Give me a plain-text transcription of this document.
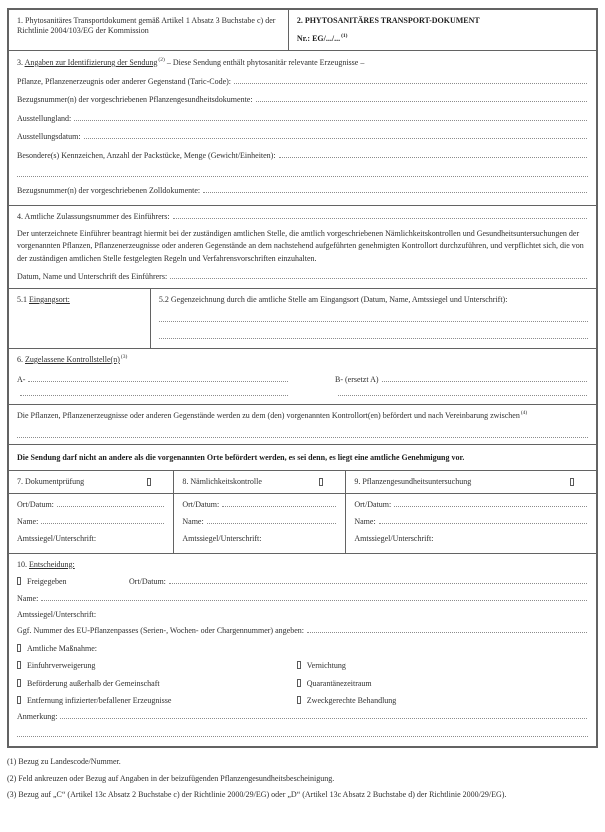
1. Phytosanitäres Transportdokument gemäß Artikel 1 Absatz 3 Buchstabe c) der Richtlinie 2004/103/EG der Kommission
2. PHYTOSANITÄRES TRANSPORT-DOKUMENT
Nr.: EG/.../...$^{(1)}$
3. Angaben zur Identifizierung der Sendung$^{(2)}$ – Diese Sendung enthält phytosanitär relevante Erzeugnisse –
Pflanze, Pflanzenerzeugnis oder anderer Gegenstand (Taric-Code):
Bezugsnummer(n) der vorgeschriebenen Pflanzengesundheitsdokumente:
Ausstellungland:
Ausstellungsdatum:
Besondere(s) Kennzeichen, Anzahl der Packstücke, Menge (Gewicht/Einheiten):
Bezugsnummer(n) der vorgeschriebenen Zolldokumente:
4. Amtliche Zulassungsnummer des Einführers:
Der unterzeichnete Einführer beantragt hiermit bei der zuständigen amtlichen Stelle, die amtlich vorgeschriebenen Nämlichkeitskontrollen und Gesundheitsuntersuchungen der vorgenannten Pflanzen, Pflanzenerzeugnisse oder anderen Gegenstände an dem nachstehend aufgeführten genehmigten Kontrollort durchzuführen, und verpflichtet sich, die von der zuständigen amtlichen Stelle festgelegten Regeln und Verfahrensvorschriften einzuhalten.
Datum, Name und Unterschrift des Einführers:
5.1 Eingangsort:	5.2 Gegenzeichnung durch die amtliche Stelle am Eingangsort (Datum, Name, Amtssiegel und Unterschrift):
6. Zugelassene $Kontrollstelle(n)^{(3)}$
A-	B- (ersetzt A)
Die Pflanzen, Pflanzenerzeugnisse oder anderen Gegenstände werden zu dem (den) vorgenannten Kontrollort(en) befördert und nach Vereinbarung zwischen$^{(4)}$
Die Sendung darf nicht an andere als die vorgenannten Orte befördert werden, es sei denn, es liegt eine amtliche Genehmigung vor.
7. Dokumentprüfung	8. Nämlichkeitskontrolle	9. Pflanzengesundheitsuntersuchung
Ort/Datum:
Name:
Amtssiegel/Unterschrift:
Ort/Datum:
Name:
Amtssiegel/Unterschrift:
Ort/Datum:
Name:
Amtssiegel/Unterschrift:
10. Entscheidung:
Freigegeben	Ort/Datum:
Name:
Amtssiegel/Unterschrift:
Ggf. Nummer des EU-Pflanzenpasses (Serien-, Wochen- oder Chargennummer) angeben:
Amtliche Maßnahme:
Einfuhrverweigerung	Vernichtung
Beförderung außerhalb der Gemeinschaft	Quarantänezeitraum
Entfernung infizierter/befallener Erzeugnisse	Zweckgerechte Behandlung
Anmerkung:
(1) Bezug zu Landescode/Nummer.
(2) Feld ankreuzen oder Bezug auf Angaben in der beizufügenden Pflanzengesundheitsbescheinigung.
(3) Bezug auf „C“ (Artikel 13c Absatz 2 Buchstabe c) der Richtlinie 2000/29/EG) oder „D“ (Artikel 13c Absatz 2 Buchstabe d) der Richtlinie 2000/29/EG).
